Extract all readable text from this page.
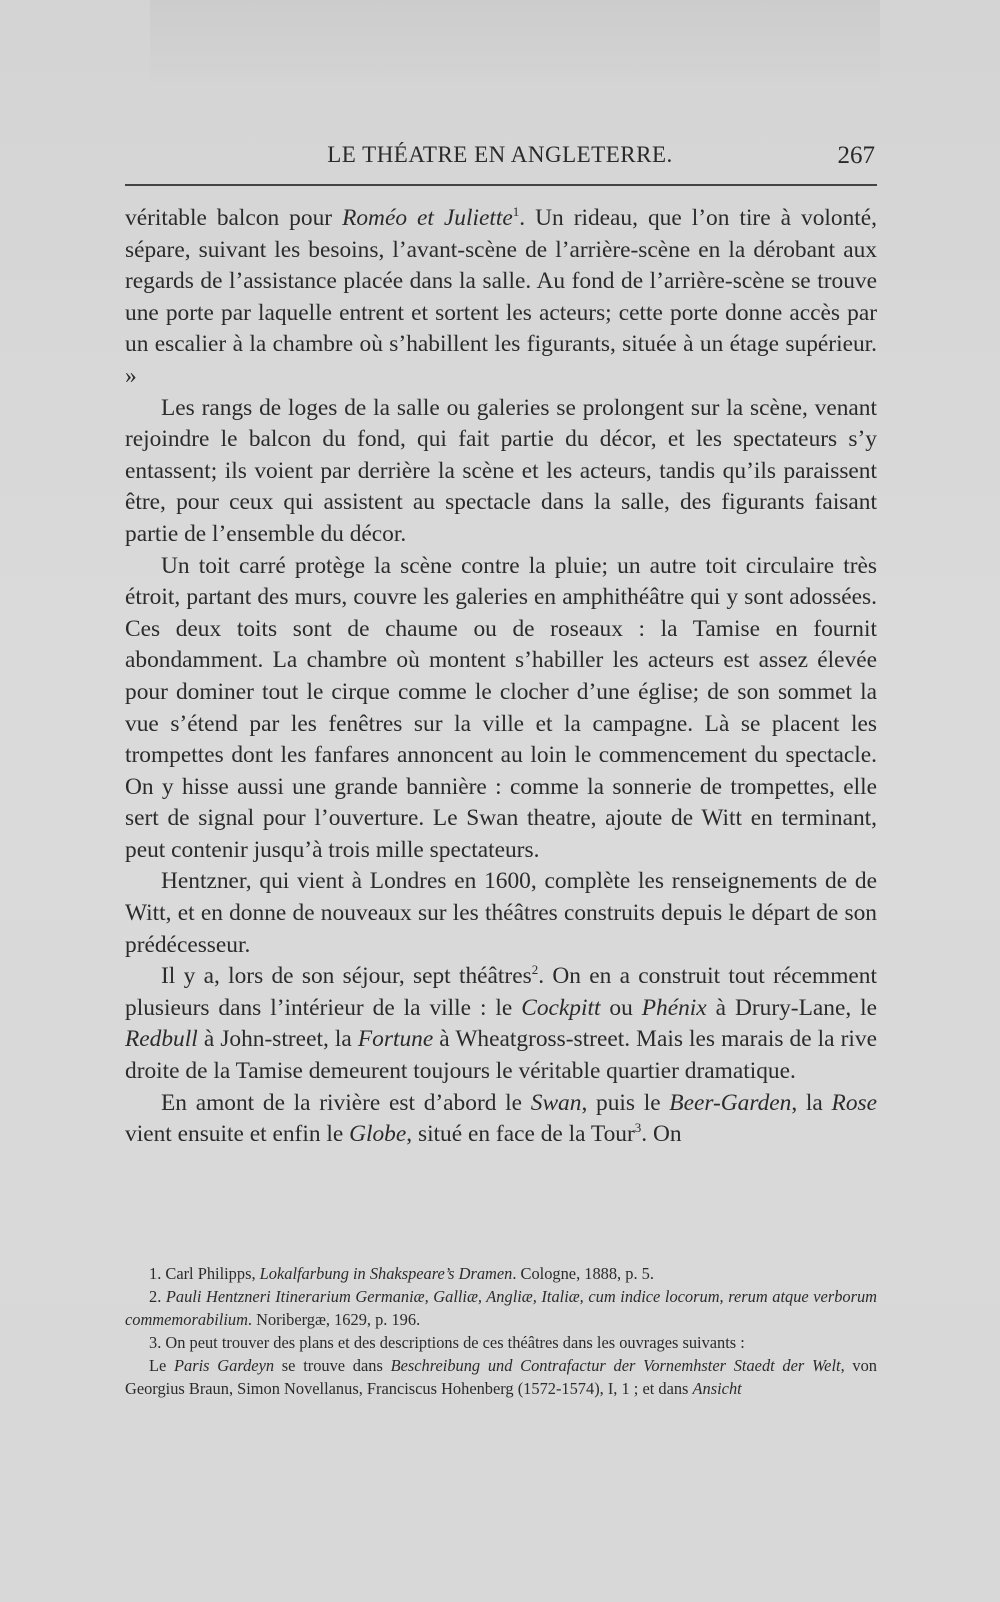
LE THÉATRE EN ANGLETERRE.	267

véritable balcon pour Roméo et Juliette$^1$. Un rideau, que l’on tire à volonté, sépare, suivant les besoins, l’avant-scène de l’arrière-scène en la dérobant aux regards de l’assistance placée dans la salle. Au fond de l’arrière-scène se trouve une porte par laquelle entrent et sortent les acteurs; cette porte donne accès par un escalier à la chambre où s’habillent les figurants, située à un étage supérieur. »

Les rangs de loges de la salle ou galeries se prolongent sur la scène, venant rejoindre le balcon du fond, qui fait partie du décor, et les spectateurs s’y entassent; ils voient par derrière la scène et les acteurs, tandis qu’ils paraissent être, pour ceux qui assistent au spectacle dans la salle, des figurants faisant partie de l’ensemble du décor.

Un toit carré protège la scène contre la pluie; un autre toit circulaire très étroit, partant des murs, couvre les galeries en amphithéâtre qui y sont adossées. Ces deux toits sont de chaume ou de roseaux : la Tamise en fournit abondamment. La chambre où montent s’habiller les acteurs est assez élevée pour dominer tout le cirque comme le clocher d’une église; de son sommet la vue s’étend par les fenêtres sur la ville et la campagne. Là se placent les trompettes dont les fanfares annoncent au loin le commencement du spectacle. On y hisse aussi une grande bannière : comme la sonnerie de trompettes, elle sert de signal pour l’ouverture. Le Swan theatre, ajoute de Witt en terminant, peut contenir jusqu’à trois mille spectateurs.

Hentzner, qui vient à Londres en 1600, complète les renseignements de de Witt, et en donne de nouveaux sur les théâtres construits depuis le départ de son prédécesseur.

Il y a, lors de son séjour, sept théâtres$^2$. On en a construit tout récemment plusieurs dans l’intérieur de la ville : le Cockpitt ou Phénix à Drury-Lane, le Redbull à John-street, la Fortune à Wheatgross-street. Mais les marais de la rive droite de la Tamise demeurent toujours le véritable quartier dramatique.

En amont de la rivière est d’abord le Swan, puis le Beer-Garden, la Rose vient ensuite et enfin le Globe, situé en face de la Tour$^3$. On

1. Carl Philipps, Lokalfarbung in Shakspeare’s Dramen. Cologne, 1888, p. 5.

2. Pauli Hentzneri Itinerarium Germaniæ, Galliæ, Angliæ, Italiæ, cum indice locorum, rerum atque verborum commemorabilium. Noribergæ, 1629, p. 196.

3. On peut trouver des plans et des descriptions de ces théâtres dans les ouvrages suivants :

Le Paris Gardeyn se trouve dans Beschreibung und Contrafactur der Vornemhster Staedt der Welt, von Georgius Braun, Simon Novellanus, Franciscus Hohenberg (1572-1574), I, 1 ; et dans Ansicht
